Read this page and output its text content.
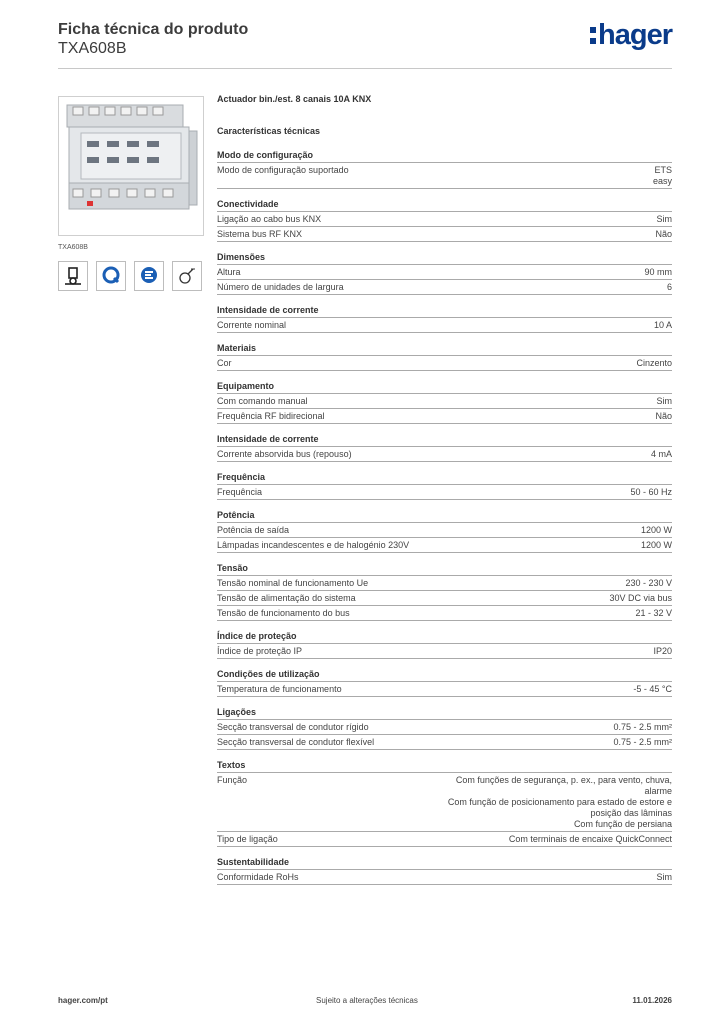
Ficha técnica do produto
TXA608B	hager
TXA608B
Actuador bin./est. 8 canais 10A KNX
Características técnicas
Modo de configuração
Modo de configuração suportado	ETS
easy
Conectividade
Ligação ao cabo bus KNX	Sim
Sistema bus RF KNX	Não
Dimensões
Altura	90 mm
Número de unidades de largura	6
Intensidade de corrente
Corrente nominal	10 A
Materiais
Cor	Cinzento
Equipamento
Com comando manual	Sim
Frequência RF bidirecional	Não
Intensidade de corrente
Corrente absorvida bus (repouso)	4 mA
Frequência
Frequência	50 - 60 Hz
Potência
Potência de saída	1200 W
Lâmpadas incandescentes e de halogénio 230V	1200 W
Tensão
Tensão nominal de funcionamento Ue	230 - 230 V
Tensão de alimentação do sistema	30V DC via bus
Tensão de funcionamento do bus	21 - 32 V
Índice de proteção
Índice de proteção IP	IP20
Condições de utilização
Temperatura de funcionamento	-5 - 45 °C
Ligações
Secção transversal de condutor rígido	0.75 - 2.5 mm²
Secção transversal de condutor flexível	0.75 - 2.5 mm²
Textos
Função	Com funções de segurança, p. ex., para vento, chuva,
alarme
Com função de posicionamento para estado de estore e
posição das lâminas
Com função de persiana
Tipo de ligação	Com terminais de encaixe QuickConnect
Sustentabilidade
Conformidade RoHs	Sim
hager.com/pt	Sujeito a alterações técnicas	11.01.2026
